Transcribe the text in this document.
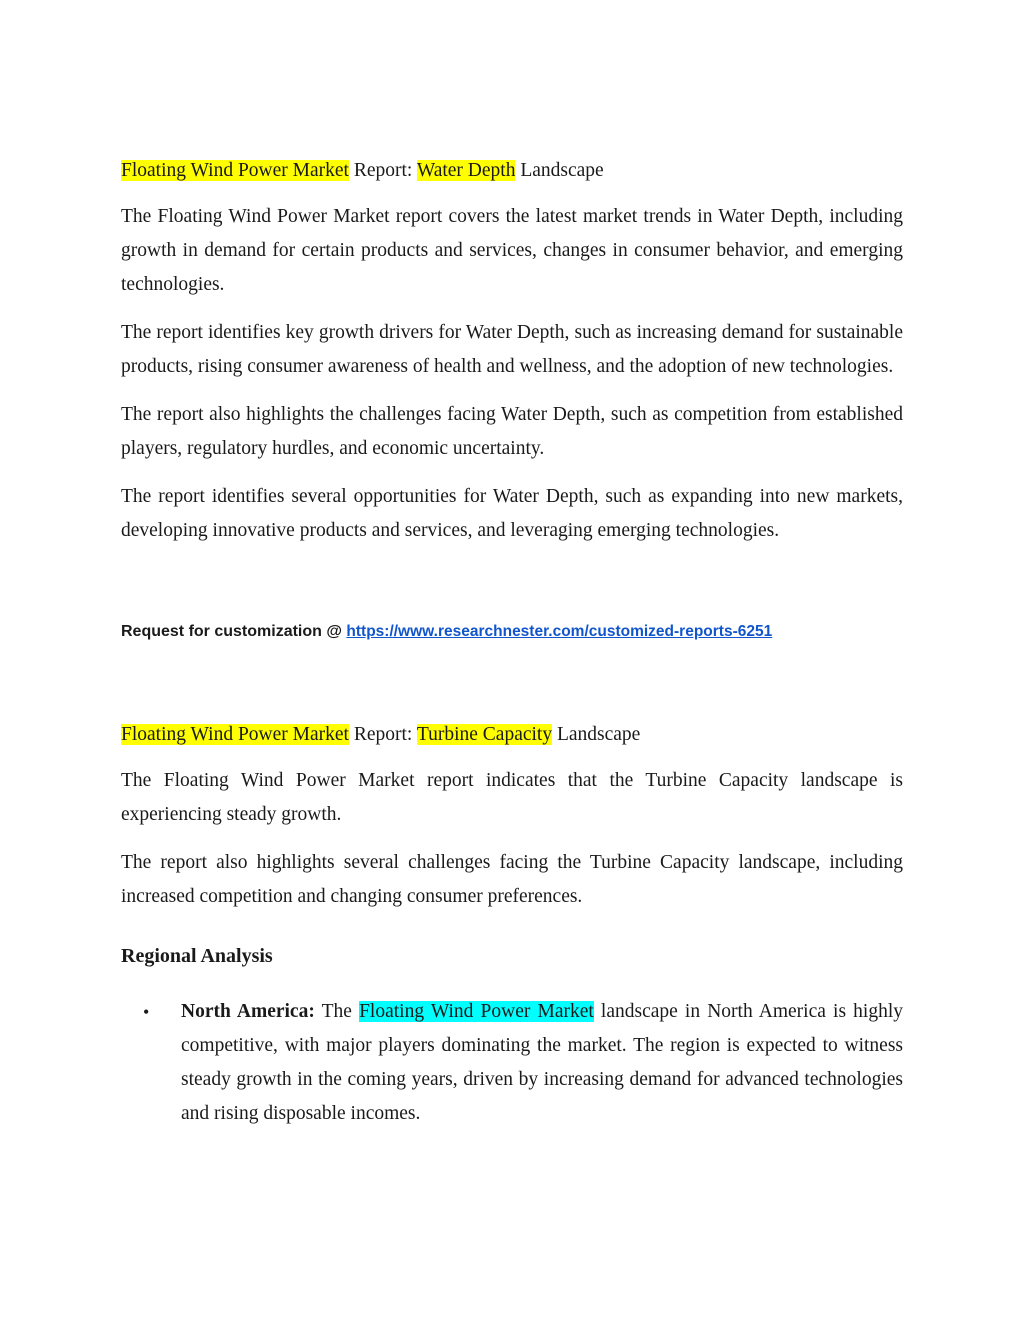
Floating Wind Power Market Report: Water Depth Landscape

The Floating Wind Power Market report covers the latest market trends in Water Depth, including growth in demand for certain products and services, changes in consumer behavior, and emerging technologies.

The report identifies key growth drivers for Water Depth, such as increasing demand for sustainable products, rising consumer awareness of health and wellness, and the adoption of new technologies.

The report also highlights the challenges facing Water Depth, such as competition from established players, regulatory hurdles, and economic uncertainty.

The report identifies several opportunities for Water Depth, such as expanding into new markets, developing innovative products and services, and leveraging emerging technologies.

Request for customization @ https://www.researchnester.com/customized-reports-6251
Floating Wind Power Market Report: Turbine Capacity Landscape

The Floating Wind Power Market report indicates that the Turbine Capacity landscape is experiencing steady growth.

The report also highlights several challenges facing the Turbine Capacity landscape, including increased competition and changing consumer preferences.

Regional Analysis
• North America: The Floating Wind Power Market landscape in North America is highly competitive, with major players dominating the market. The region is expected to witness steady growth in the coming years, driven by increasing demand for advanced technologies and rising disposable incomes.
